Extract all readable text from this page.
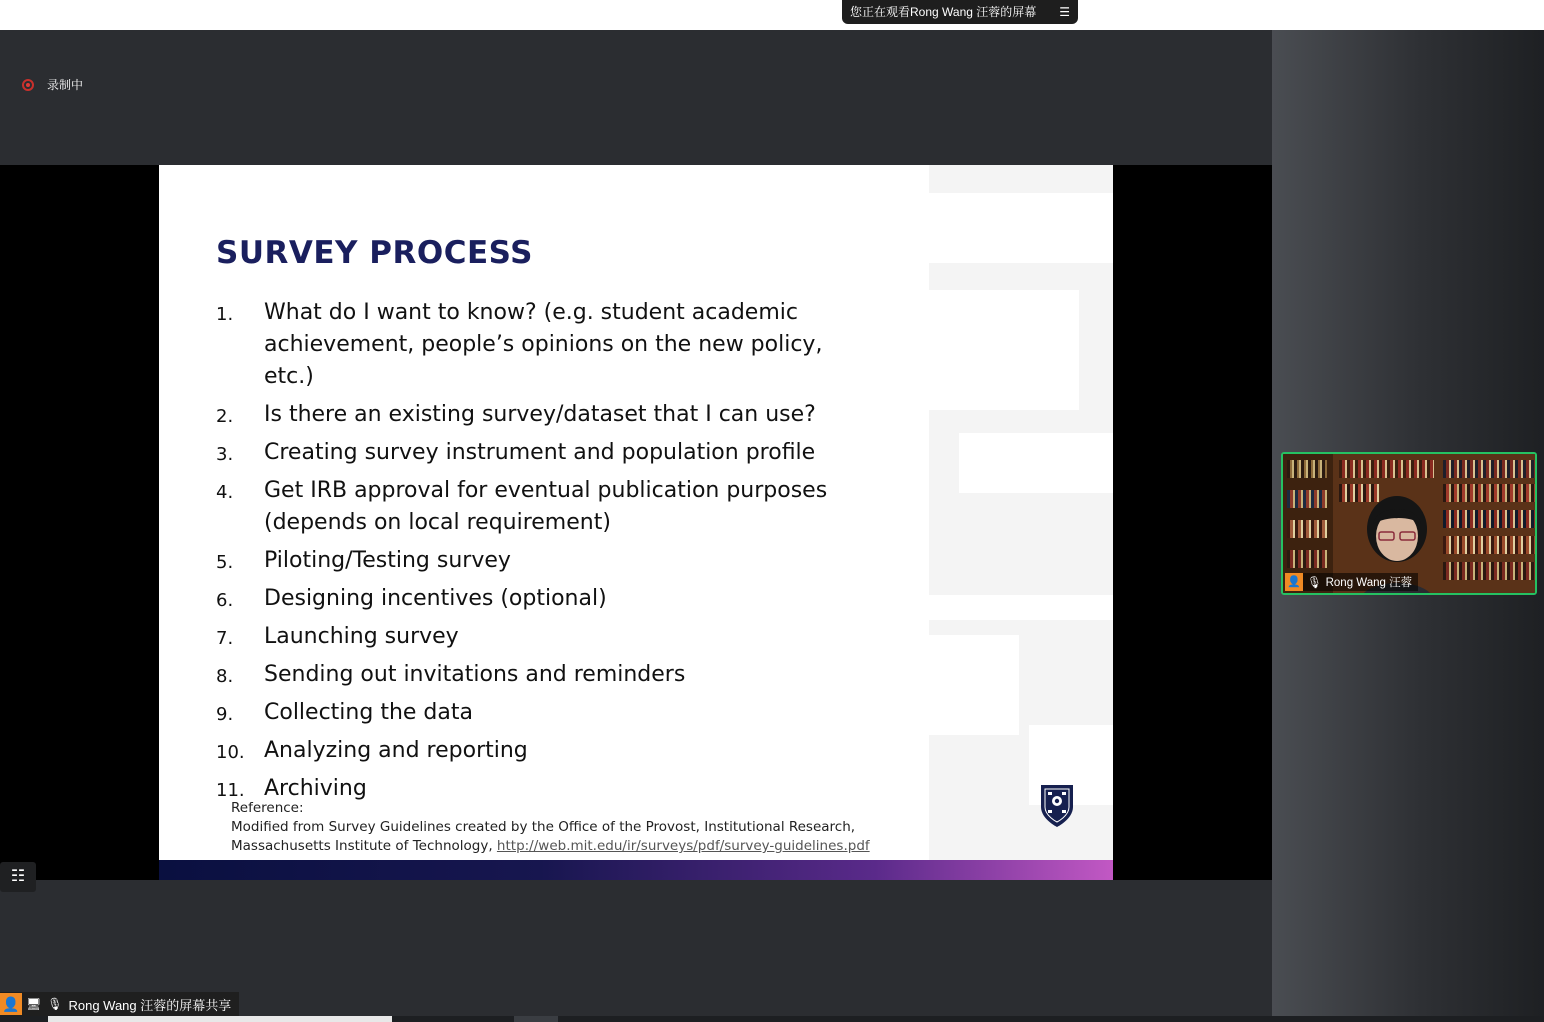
您正在观看Rong Wang 汪蓉的屏幕 ☰
录制中
SURVEY PROCESS
1. What do I want to know? (e.g. student academic achievement, people’s opinions on the new policy, etc.)
2. Is there an existing survey/dataset that I can use?
3. Creating survey instrument and population profile
4. Get IRB approval for eventual publication purposes (depends on local requirement)
5. Piloting/Testing survey
6. Designing incentives (optional)
7. Launching survey
8. Sending out invitations and reminders
9. Collecting the data
10. Analyzing and reporting
11. Archiving
Reference:
Modified from Survey Guidelines created by the Office of the Provost, Institutional Research,
Massachusetts Institute of Technology, http://web.mit.edu/ir/surveys/pdf/survey-guidelines.pdf
☷
👤 🎙 Rong Wang 汪蓉
👤 🖥 🎙 Rong Wang 汪蓉的屏幕共享
